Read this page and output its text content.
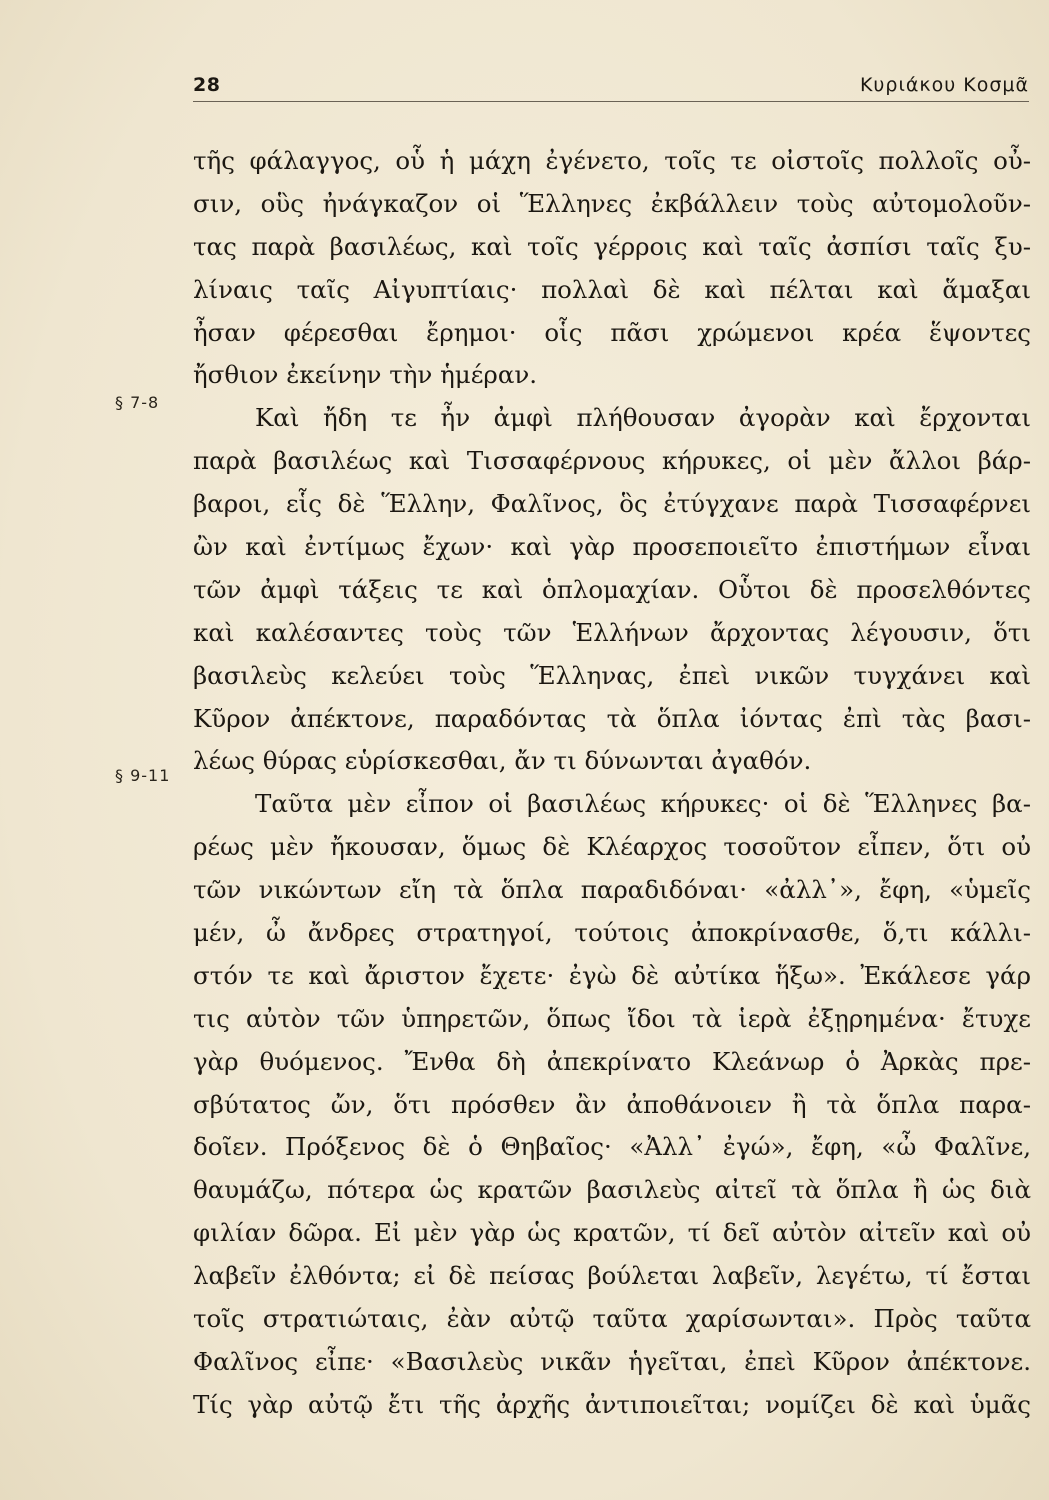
28	Κυριάκου Κοσμᾶ
§ 7-8
§ 9-11
τῆς φάλαγγος, οὗ ἡ μάχη ἐγένετο, τοῖς τε οἰστοῖς πολλοῖς οὖ-
σιν, οὓς ἠνάγκαζον οἱ Ἕλληνες ἐκβάλλειν τοὺς αὐτομολοῦν-
τας παρὰ βασιλέως, καὶ τοῖς γέρροις καὶ ταῖς ἀσπίσι ταῖς ξυ-
λίναις ταῖς Αἰγυπτίαις· πολλαὶ δὲ καὶ πέλται καὶ ἅμαξαι
ἦσαν φέρεσθαι ἔρημοι· οἷς πᾶσι χρώμενοι κρέα ἕψοντες
ἤσθιον ἐκείνην τὴν ἡμέραν.
Καὶ ἤδη τε ἦν ἀμφὶ πλήθουσαν ἀγορὰν καὶ ἔρχονται
παρὰ βασιλέως καὶ Τισσαφέρνους κήρυκες, οἱ μὲν ἄλλοι βάρ-
βαροι, εἷς δὲ Ἕλλην, Φαλῖνος, ὃς ἐτύγχανε παρὰ Τισσαφέρνει
ὢν καὶ ἐντίμως ἔχων· καὶ γὰρ προσεποιεῖτο ἐπιστήμων εἶναι
τῶν ἀμφὶ τάξεις τε καὶ ὁπλομαχίαν. Οὗτοι δὲ προσελθόντες
καὶ καλέσαντες τοὺς τῶν Ἑλλήνων ἄρχοντας λέγουσιν, ὅτι
βασιλεὺς κελεύει τοὺς Ἕλληνας, ἐπεὶ νικῶν τυγχάνει καὶ
Κῦρον ἀπέκτονε, παραδόντας τὰ ὅπλα ἰόντας ἐπὶ τὰς βασι-
λέως θύρας εὑρίσκεσθαι, ἄν τι δύνωνται ἀγαθόν.
Ταῦτα μὲν εἶπον οἱ βασιλέως κήρυκες· οἱ δὲ Ἕλληνες βα-
ρέως μὲν ἤκουσαν, ὅμως δὲ Κλέαρχος τοσοῦτον εἶπεν, ὅτι οὐ
τῶν νικώντων εἴη τὰ ὅπλα παραδιδόναι· «ἀλλ᾿», ἔφη, «ὑμεῖς
μέν, ὦ ἄνδρες στρατηγοί, τούτοις ἀποκρίνασθε, ὅ,τι κάλλι-
στόν τε καὶ ἄριστον ἔχετε· ἐγὼ δὲ αὐτίκα ἥξω». Ἐκάλεσε γάρ
τις αὐτὸν τῶν ὑπηρετῶν, ὅπως ἴδοι τὰ ἱερὰ ἐξῃρημένα· ἔτυχε
γὰρ θυόμενος. Ἔνθα δὴ ἀπεκρίνατο Κλεάνωρ ὁ Ἀρκὰς πρε-
σβύτατος ὤν, ὅτι πρόσθεν ἂν ἀποθάνοιεν ἢ τὰ ὅπλα παρα-
δοῖεν. Πρόξενος δὲ ὁ Θηβαῖος· «Ἀλλ᾿ ἐγώ», ἔφη, «ὦ Φαλῖνε,
θαυμάζω, πότερα ὡς κρατῶν βασιλεὺς αἰτεῖ τὰ ὅπλα ἢ ὡς διὰ
φιλίαν δῶρα. Εἰ μὲν γὰρ ὡς κρατῶν, τί δεῖ αὐτὸν αἰτεῖν καὶ οὐ
λαβεῖν ἐλθόντα; εἰ δὲ πείσας βούλεται λαβεῖν, λεγέτω, τί ἔσται
τοῖς στρατιώταις, ἐὰν αὐτῷ ταῦτα χαρίσωνται». Πρὸς ταῦτα
Φαλῖνος εἶπε· «Βασιλεὺς νικᾶν ἡγεῖται, ἐπεὶ Κῦρον ἀπέκτονε.
Τίς γὰρ αὐτῷ ἔτι τῆς ἀρχῆς ἀντιποιεῖται; νομίζει δὲ καὶ ὑμᾶς
